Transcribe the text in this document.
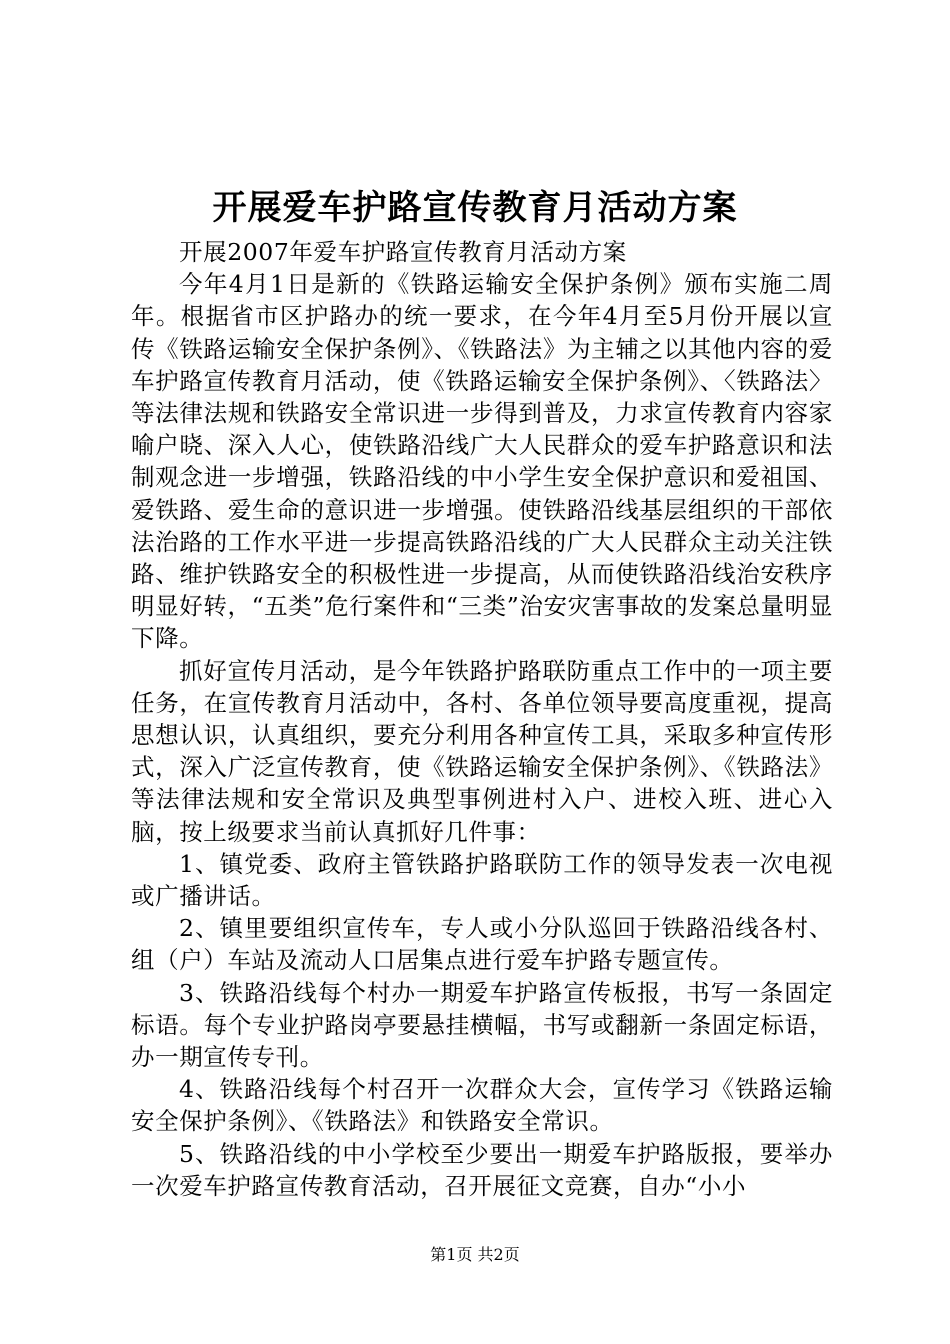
开展爱车护路宣传教育月活动方案

开展2007年爱车护路宣传教育月活动方案

今年4月1日是新的《铁路运输安全保护条例》颁布实施二周年。根据省市区护路办的统一要求，在今年4月至5月份开展以宣传《铁路运输安全保护条例》、《铁路法》为主辅之以其他内容的爱车护路宣传教育月活动，使《铁路运输安全保护条例》、〈铁路法〉等法律法规和铁路安全常识进一步得到普及，力求宣传教育内容家喻户晓、深入人心，使铁路沿线广大人民群众的爱车护路意识和法制观念进一步增强，铁路沿线的中小学生安全保护意识和爱祖国、爱铁路、爱生命的意识进一步增强。使铁路沿线基层组织的干部依法治路的工作水平进一步提高铁路沿线的广大人民群众主动关注铁路、维护铁路安全的积极性进一步提高，从而使铁路沿线治安秩序明显好转，“五类”危行案件和“三类”治安灾害事故的发案总量明显下降。

抓好宣传月活动，是今年铁路护路联防重点工作中的一项主要任务，在宣传教育月活动中，各村、各单位领导要高度重视，提高思想认识，认真组织，要充分利用各种宣传工具，采取多种宣传形式，深入广泛宣传教育，使《铁路运输安全保护条例》、《铁路法》等法律法规和安全常识及典型事例进村入户、进校入班、进心入脑，按上级要求当前认真抓好几件事：

1、镇党委、政府主管铁路护路联防工作的领导发表一次电视或广播讲话。

2、镇里要组织宣传车，专人或小分队巡回于铁路沿线各村、组（户）车站及流动人口居集点进行爱车护路专题宣传。

3、铁路沿线每个村办一期爱车护路宣传板报，书写一条固定标语。每个专业护路岗亭要悬挂横幅，书写或翻新一条固定标语，办一期宣传专刊。

4、铁路沿线每个村召开一次群众大会，宣传学习《铁路运输安全保护条例》、《铁路法》和铁路安全常识。

5、铁路沿线的中小学校至少要出一期爱车护路版报，要举办一次爱车护路宣传教育活动，召开展征文竞赛，自办“小小

第1页 共2页
